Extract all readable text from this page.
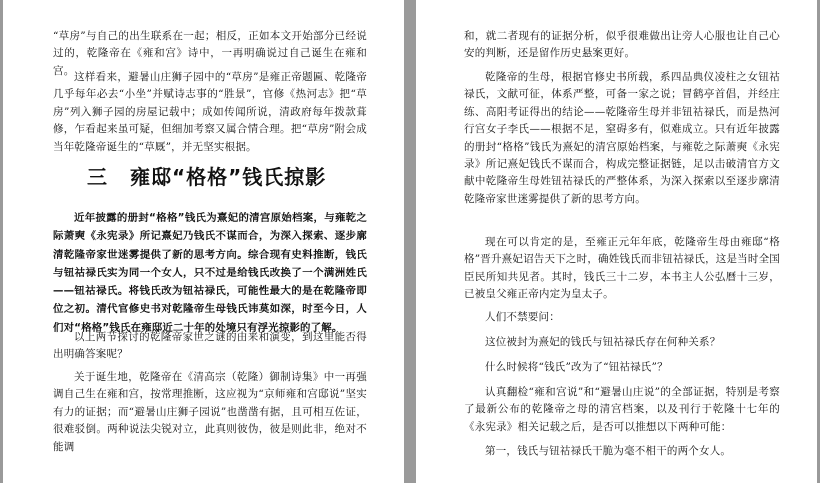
“草房”与自己的出生联系在一起；相反，正如本文开始部分已经说过的，乾隆帝在《雍和宫》诗中，一再明确说过自己诞生在雍和宫。

这样看来，避暑山庄狮子园中的“草房”是雍正帝题匾、乾隆帝几乎每年必去“小坐”并赋诗志事的“胜景”，官修《热河志》把“草房”列入狮子园的房屋记载中；成如传闻所说，清政府每年拨款葺修，乍看起来虽可疑，但细加考察又属合情合理。把“草房”附会成当年乾隆帝诞生的“草厩”，并无坚实根据。

三 雍邸“格格”钱氏掠影

近年披露的册封“格格”钱氏为熹妃的清宫原始档案，与雍乾之际萧奭《永宪录》所记熹妃乃钱氏不谋而合，为深入探索、逐步廓清乾隆帝家世迷雾提供了新的思考方向。综合现有史料推断，钱氏与钮祜禄氏实为同一个女人，只不过是给钱氏改换了一个满洲姓氏——钮祜禄氏。将钱氏改为钮祜禄氏，可能性最大的是在乾隆帝即位之初。清代官修史书对乾隆帝生母钱氏讳莫如深，时至今日，人们对“格格”钱氏在雍邸近二十年的处境只有浮光掠影的了解。

以上两节探讨的乾隆帝家世之谜的由来和演变，到这里能否得出明确答案呢？

关于诞生地，乾隆帝在《清高宗（乾隆）御制诗集》中一再强调自己生在雍和宫，按常理推断，这应视为“京师雍和宫邸说”坚实有力的证据；而“避暑山庄狮子园说”也凿凿有据，且可相互佐证，很难驳倒。两种说法尖锐对立，此真则彼伪，彼是则此非，绝对不能调

和，就二者现有的证据分析，似乎很难做出让旁人心服也让自己心安的判断，还是留作历史悬案更好。

乾隆帝的生母，根据官修史书所载，系四品典仪凌柱之女钮祜禄氏，文献可征，体系严整，可备一家之说；冒鹤亭首倡，并经庄练、高阳考证得出的结论——乾隆帝生母并非钮祜禄氏，而是热河行宫女子李氏——根据不足，窒碍多有，似难成立。只有近年披露的册封“格格”钱氏为熹妃的清宫原始档案，与雍乾之际萧奭《永宪录》所记熹妃钱氏不谋而合，构成完整证据链，足以击破清官方文献中乾隆帝生母姓钮祜禄氏的严整体系，为深入探索以至逐步廓清乾隆帝家世迷雾提供了新的思考方向。

现在可以肯定的是，至雍正元年年底，乾隆帝生母由雍邸“格格”晋升熹妃诏告天下之时，确姓钱氏而非钮祜禄氏，这是当时全国臣民所知共见者。其时，钱氏三十二岁，本书主人公弘曆十三岁，已被皇父雍正帝内定为皇太子。

人们不禁要问：

这位被封为熹妃的钱氏与钮祜禄氏存在何种关系？

什么时候将“钱氏”改为了“钮祜禄氏”？

认真翻检“雍和宫说”和“避暑山庄说”的全部证据，特别是考察了最新公布的乾隆帝之母的清宫档案，以及刊行于乾隆十七年的《永宪录》相关记载之后，是否可以推想以下两种可能：

第一，钱氏与钮祜禄氏干脆为毫不相干的两个女人。
